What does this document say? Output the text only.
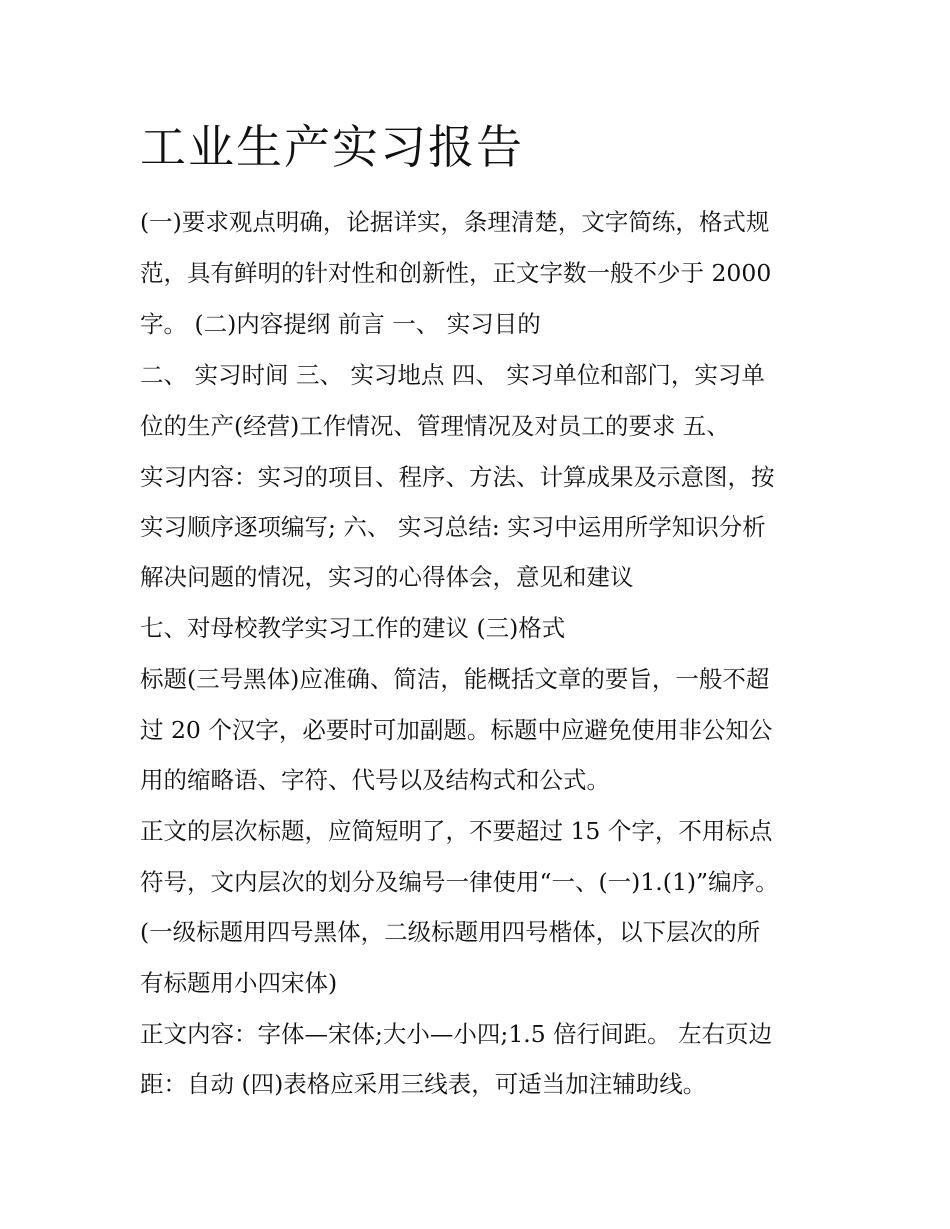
工业生产实习报告

(一)要求观点明确，论据详实，条理清楚，文字简练，格式规

范，具有鲜明的针对性和创新性，正文字数一般不少于 2000

字。 (二)内容提纲 前言 一、 实习目的

二、 实习时间 三、 实习地点 四、 实习单位和部门，实习单

位的生产(经营)工作情况、管理情况及对员工的要求 五、

实习内容：实习的项目、程序、方法、计算成果及示意图，按

实习顺序逐项编写; 六、 实习总结: 实习中运用所学知识分析

解决问题的情况，实习的心得体会，意见和建议

七、对母校教学实习工作的建议 (三)格式

标题(三号黑体)应准确、简洁，能概括文章的要旨，一般不超

过 20 个汉字，必要时可加副题。标题中应避免使用非公知公

用的缩略语、字符、代号以及结构式和公式。

正文的层次标题，应简短明了，不要超过 15 个字，不用标点

符号，文内层次的划分及编号一律使用“一、(一)1.(1)”编序。

(一级标题用四号黑体，二级标题用四号楷体，以下层次的所

有标题用小四宋体)

正文内容：字体—宋体;大小—小四;1.5 倍行间距。 左右页边

距：自动 (四)表格应采用三线表，可适当加注辅助线。
